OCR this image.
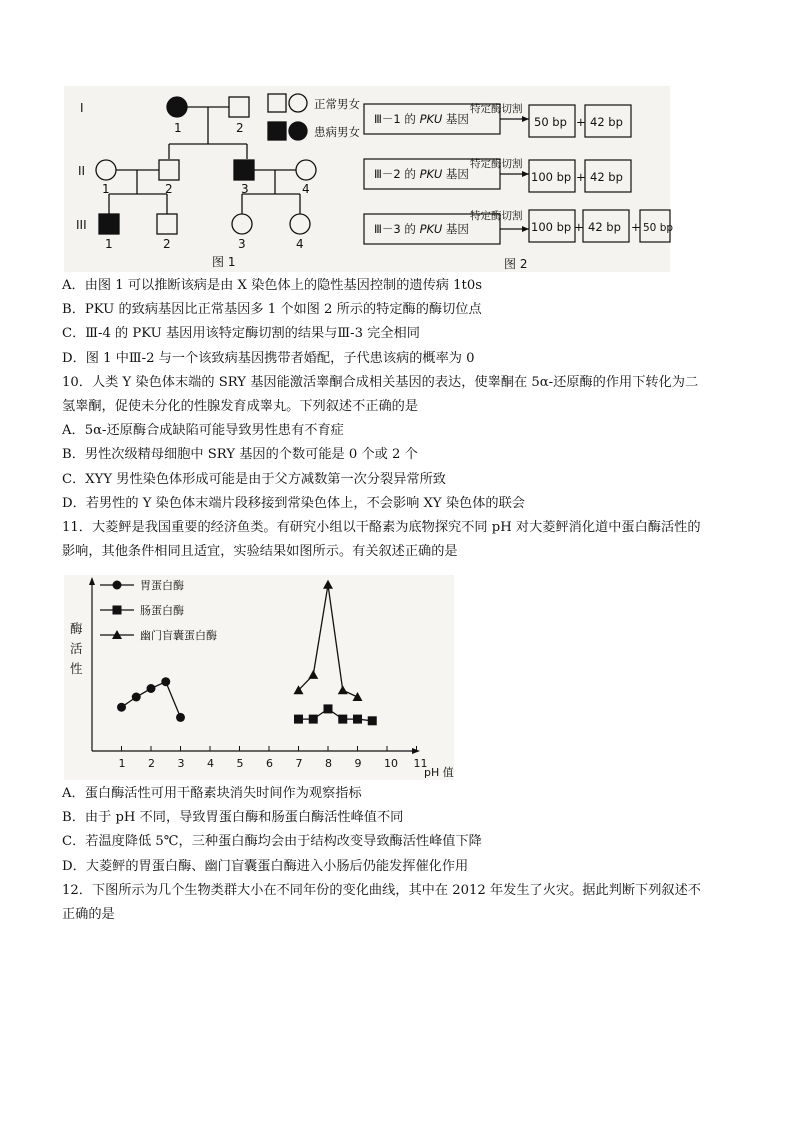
I
II
III
1	2
1	2	3	4
1	2	3	4
正常男女
患病男女
图 1	图 2
Ⅲ－1 的 PKU 基因
Ⅲ－2 的 PKU 基因
Ⅲ－3 的 PKU 基因
特定酶切割
特定酶切割
特定酶切割
50 bp 42 bp
100 bp 42 bp
100 bp 42 bp 50 bp
+
+
+	+

A．由图 1 可以推断该病是由 X 染色体上的隐性基因控制的遗传病 1t0s

B．PKU 的致病基因比正常基因多 1 个如图 2 所示的特定酶的酶切位点

C．Ⅲ-4 的 PKU 基因用该特定酶切割的结果与Ⅲ-3 完全相同

D．图 1 中Ⅲ-2 与一个该致病基因携带者婚配，子代患该病的概率为 0

10．人类 Y 染色体末端的 SRY 基因能激活睾酮合成相关基因的表达，使睾酮在 5α-还原酶的作用下转化为二

氢睾酮，促使未分化的性腺发育成睾丸。下列叙述不正确的是

A．5α-还原酶合成缺陷可能导致男性患有不育症

B．男性次级精母细胞中 SRY 基因的个数可能是 0 个或 2 个

C．XYY 男性染色体形成可能是由于父方减数第一次分裂异常所致

D．若男性的 Y 染色体末端片段移接到常染色体上，不会影响 XY 染色体的联会

11．大菱鲆是我国重要的经济鱼类。有研究小组以干酪素为底物探究不同 pH 对大菱鲆消化道中蛋白酶活性的

影响，其他条件相同且适宜，实验结果如图所示。有关叙述正确的是

酶
活
性
pH 值
胃蛋白酶
肠蛋白酶
幽门盲囊蛋白酶
1 2 3 4 5 6 7 8 9 10 11

A．蛋白酶活性可用干酪素块消失时间作为观察指标

B．由于 pH 不同，导致胃蛋白酶和肠蛋白酶活性峰值不同

C．若温度降低 5℃，三种蛋白酶均会由于结构改变导致酶活性峰值下降

D．大菱鲆的胃蛋白酶、幽门盲囊蛋白酶进入小肠后仍能发挥催化作用

12．下图所示为几个生物类群大小在不同年份的变化曲线，其中在 2012 年发生了火灾。据此判断下列叙述不

正确的是
